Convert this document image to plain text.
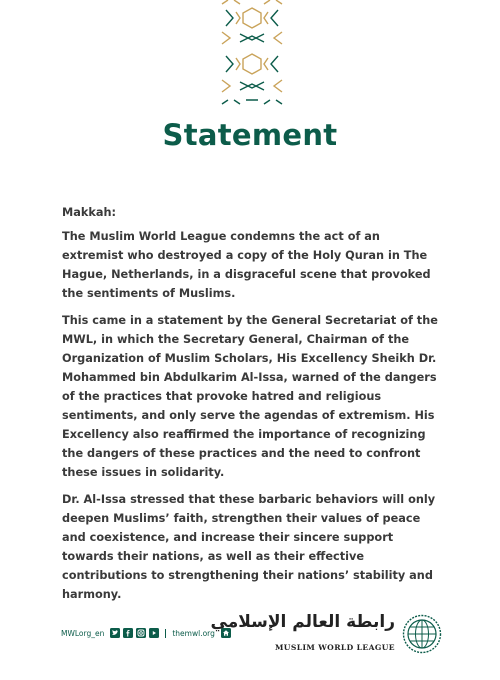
Statement

Makkah:

The Muslim World League condemns the act of an extremist who destroyed a copy of the Holy Quran in The Hague, Netherlands, in a disgraceful scene that provoked the sentiments of Muslims.

This came in a statement by the General Secretariat of the MWL, in which the Secretary General, Chairman of the Organization of Muslim Scholars, His Excellency Sheikh Dr. Mohammed bin Abdulkarim Al-Issa, warned of the dangers of the practices that provoke hatred and religious sentiments, and only serve the agendas of extremism. His Excellency also reaffirmed the importance of recognizing the dangers of these practices and the need to confront these issues in solidarity.

Dr. Al-Issa stressed that these barbaric behaviors will only deepen Muslims’ faith, strengthen their values of peace and coexistence, and increase their sincere support towards their nations, as well as their effective contributions to strengthening their nations’ stability and harmony.

MWLorg_en	themwl.org
رابطة العالم الإسلامي
MUSLIM WORLD LEAGUE
